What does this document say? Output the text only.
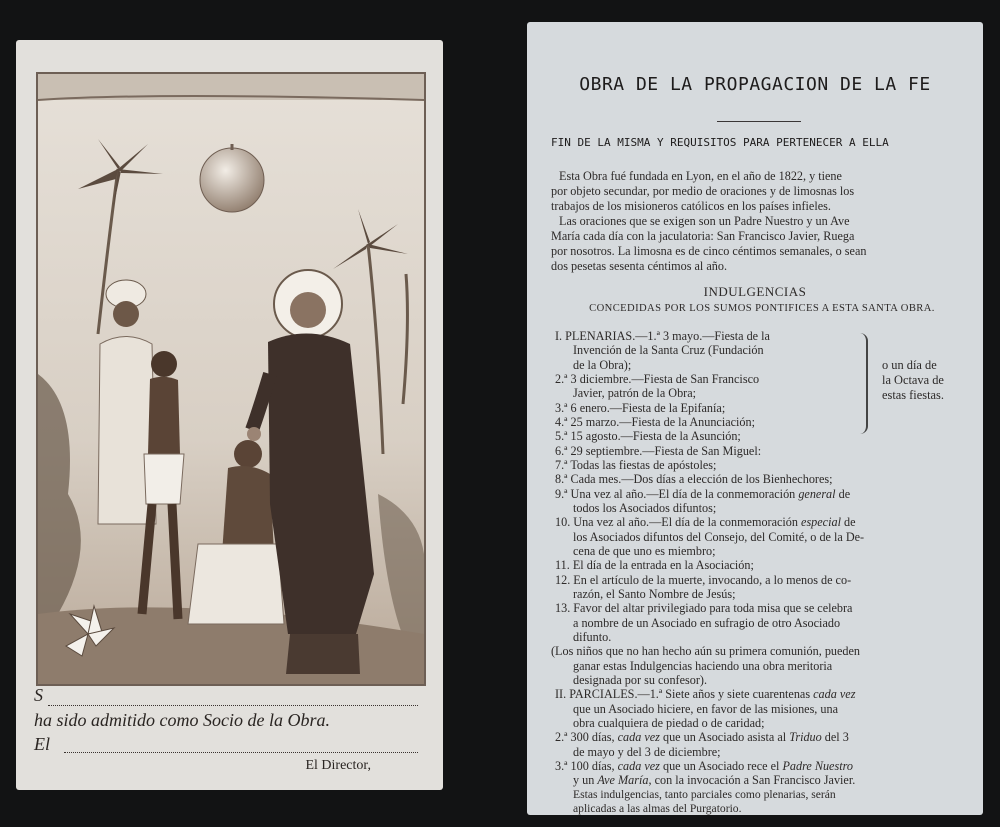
S
ha sido admitido como Socio de la Obra.
El
El Director,
OBRA DE LA PROPAGACION DE LA FE
FIN DE LA MISMA Y REQUISITOS PARA PERTENECER A ELLA
Esta Obra fué fundada en Lyon, en el año de 1822, y tiene
por objeto secundar, por medio de oraciones y de limosnas los
trabajos de los misioneros católicos en los países infieles.
Las oraciones que se exigen son un Padre Nuestro y un Ave
María cada día con la jaculatoria: San Francisco Javier, Ruega
por nosotros. La limosna es de cinco céntimos semanales, o sean
dos pesetas sesenta céntimos al año.
INDULGENCIAS
CONCEDIDAS POR LOS SUMOS PONTIFICES A ESTA SANTA OBRA.
o un día de
la Octava de
estas fiestas.
I. PLENARIAS.—1.ª 3 mayo.—Fiesta de la
Invención de la Santa Cruz (Fundación
de la Obra);
2.ª 3 diciembre.—Fiesta de San Francisco
Javier, patrón de la Obra;
3.ª 6 enero.—Fiesta de la Epifanía;
4.ª 25 marzo.—Fiesta de la Anunciación;
5.ª 15 agosto.—Fiesta de la Asunción;
6.ª 29 septiembre.—Fiesta de San Miguel:
7.ª Todas las fiestas de apóstoles;
8.ª Cada mes.—Dos días a elección de los Bienhechores;
9.ª Una vez al año.—El día de la conmemoración general de
todos los Asociados difuntos;
10. Una vez al año.—El día de la conmemoración especial de
los Asociados difuntos del Consejo, del Comité, o de la De-
cena de que uno es miembro;
11. El día de la entrada en la Asociación;
12. En el artículo de la muerte, invocando, a lo menos de co-
razón, el Santo Nombre de Jesús;
13. Favor del altar privilegiado para toda misa que se celebra
a nombre de un Asociado en sufragio de otro Asociado
difunto.
(Los niños que no han hecho aún su primera comunión, pueden
ganar estas Indulgencias haciendo una obra meritoria
designada por su confesor).
II. PARCIALES.—1.ª Siete años y siete cuarentenas cada vez
que un Asociado hiciere, en favor de las misiones, una
obra cualquiera de piedad o de caridad;
2.ª 300 días, cada vez que un Asociado asista al Triduo del 3
de mayo y del 3 de diciembre;
3.ª 100 días, cada vez que un Asociado rece el Padre Nuestro
y un Ave María, con la invocación a San Francisco Javier.
Estas indulgencias, tanto parciales como plenarias, serán
aplicadas a las almas del Purgatorio.
